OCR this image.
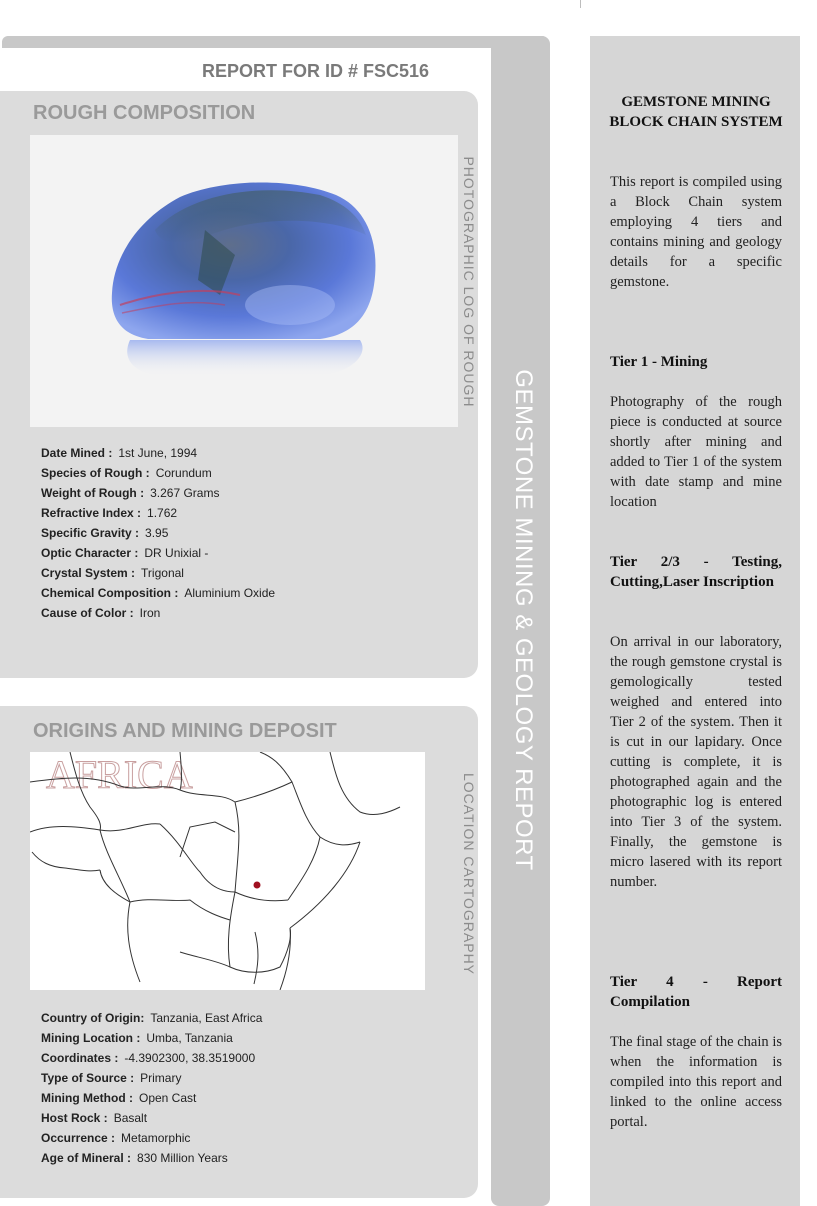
GEMSTONE MINING & GEOLOGY REPORT
REPORT FOR ID # FSC516
ROUGH COMPOSITION
PHOTOGRAPHIC LOG OF ROUGH
Date Mined : 1st June, 1994
Species of Rough : Corundum
Weight of Rough : 3.267 Grams
Refractive Index : 1.762
Specific Gravity : 3.95
Optic Character : DR Unixial -
Crystal System : Trigonal
Chemical Composition : Aluminium Oxide
Cause of Color : Iron
ORIGINS AND MINING DEPOSIT
AFRICA	LOCATION CARTOGRAPHY
Country of Origin: Tanzania, East Africa
Mining Location : Umba, Tanzania
Coordinates : -4.3902300, 38.3519000
Type of Source : Primary
Mining Method : Open Cast
Host Rock : Basalt
Occurrence : Metamorphic
Age of Mineral : 830 Million Years
GEMSTONE MINING BLOCK CHAIN SYSTEM
This report is compiled using a Block Chain system employing 4 tiers and contains mining and geology details for a specific gemstone.
Tier 1 - Mining
Photography of the rough piece is conducted at source shortly after mining and added to Tier 1 of the system with date stamp and mine location
Tier 2/3 - Testing, Cutting,Laser Inscription
On arrival in our laboratory, the rough gemstone crystal is gemologically tested weighed and entered into Tier 2 of the system. Then it is cut in our lapidary. Once cutting is complete, it is photographed again and the photographic log is entered into Tier 3 of the system. Finally, the gemstone is micro lasered with its report number.
Tier 4 - Report Compilation
The final stage of the chain is when the information is compiled into this report and linked to the online access portal.
